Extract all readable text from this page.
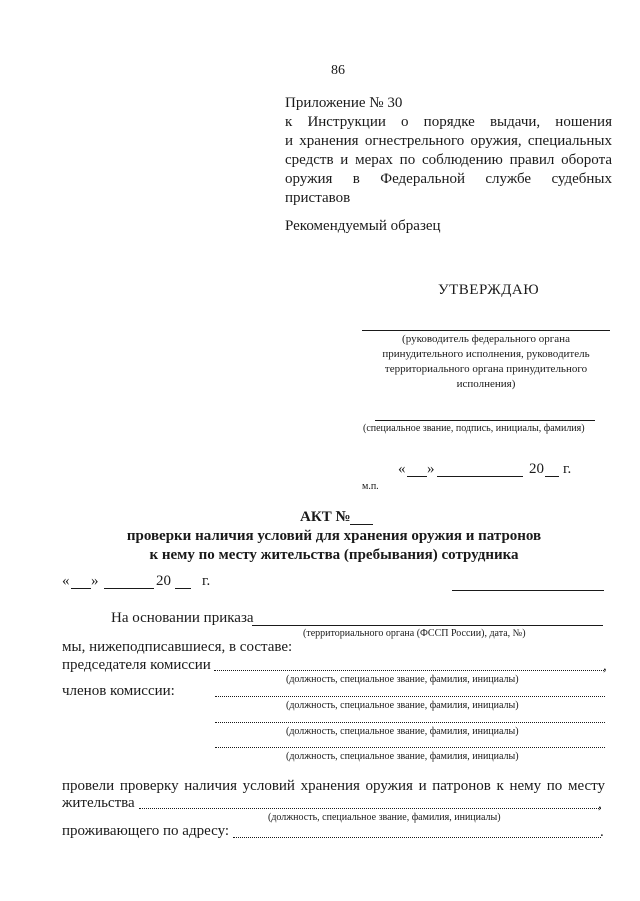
86
Приложение № 30
к Инструкции о порядке выдачи, ношения
и хранения огнестрельного оружия, специальных
средств и мерах по соблюдению правил оборота
оружия в Федеральной службе судебных
приставов
Рекомендуемый образец
УТВЕРЖДАЮ
(руководитель федерального органа
принудительного исполнения, руководитель
территориального органа принудительного
исполнения)
(специальное звание, подпись, инициалы, фамилия)
« »	20 г.
м.п.
АКТ №
проверки наличия условий для хранения оружия и патронов
к нему по месту жительства (пребывания) сотрудника
« »	20 г.
На основании приказа
(территориального органа (ФССП России), дата, №)
мы, нижеподписавшиеся, в составе:
председателя комиссии	,
(должность, специальное звание, фамилия, инициалы)
членов комиссии:
(должность, специальное звание, фамилия, инициалы)
(должность, специальное звание, фамилия, инициалы)
(должность, специальное звание, фамилия, инициалы)
провели проверку наличия условий хранения оружия и патронов к нему по месту
жительства	,
(должность, специальное звание, фамилия, инициалы)
проживающего по адресу:	.
